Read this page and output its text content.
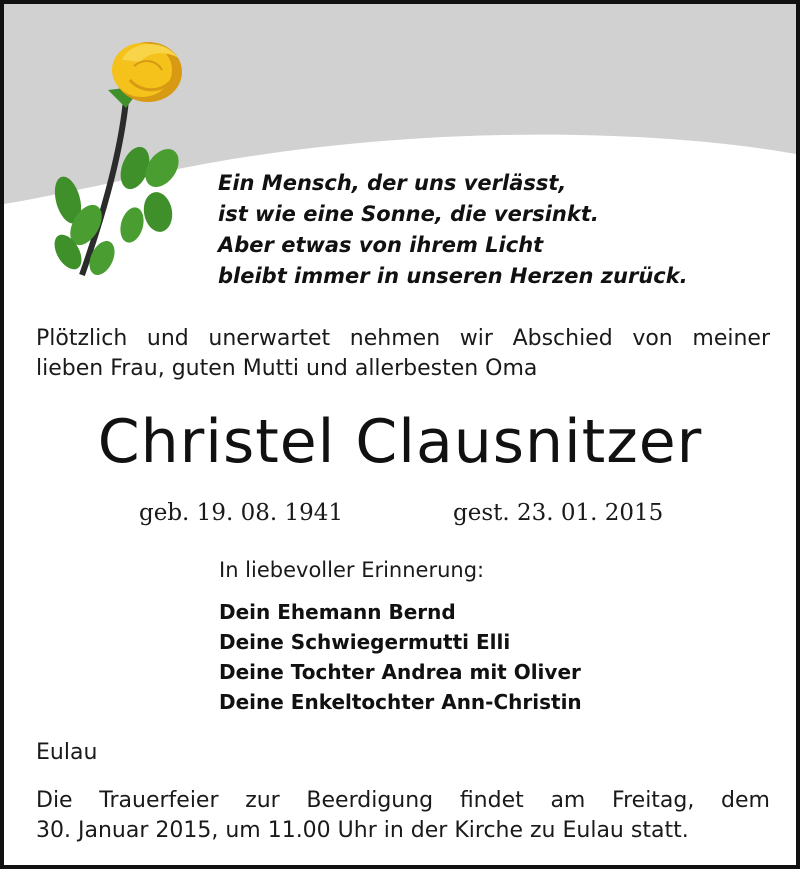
Ein Mensch, der uns verlässt,
ist wie eine Sonne, die versinkt.
Aber etwas von ihrem Licht
bleibt immer in unseren Herzen zurück.
Plötzlich und unerwartet nehmen wir Abschied von meiner
lieben Frau, guten Mutti und allerbesten Oma
Christel Clausnitzer
geb. 19. 08. 1941	gest. 23. 01. 2015
In liebevoller Erinnerung:
Dein Ehemann Bernd
Deine Schwiegermutti Elli
Deine Tochter Andrea mit Oliver
Deine Enkeltochter Ann-Christin
Eulau
Die Trauerfeier zur Beerdigung findet am Freitag, dem
30. Januar 2015, um 11.00 Uhr in der Kirche zu Eulau statt.
